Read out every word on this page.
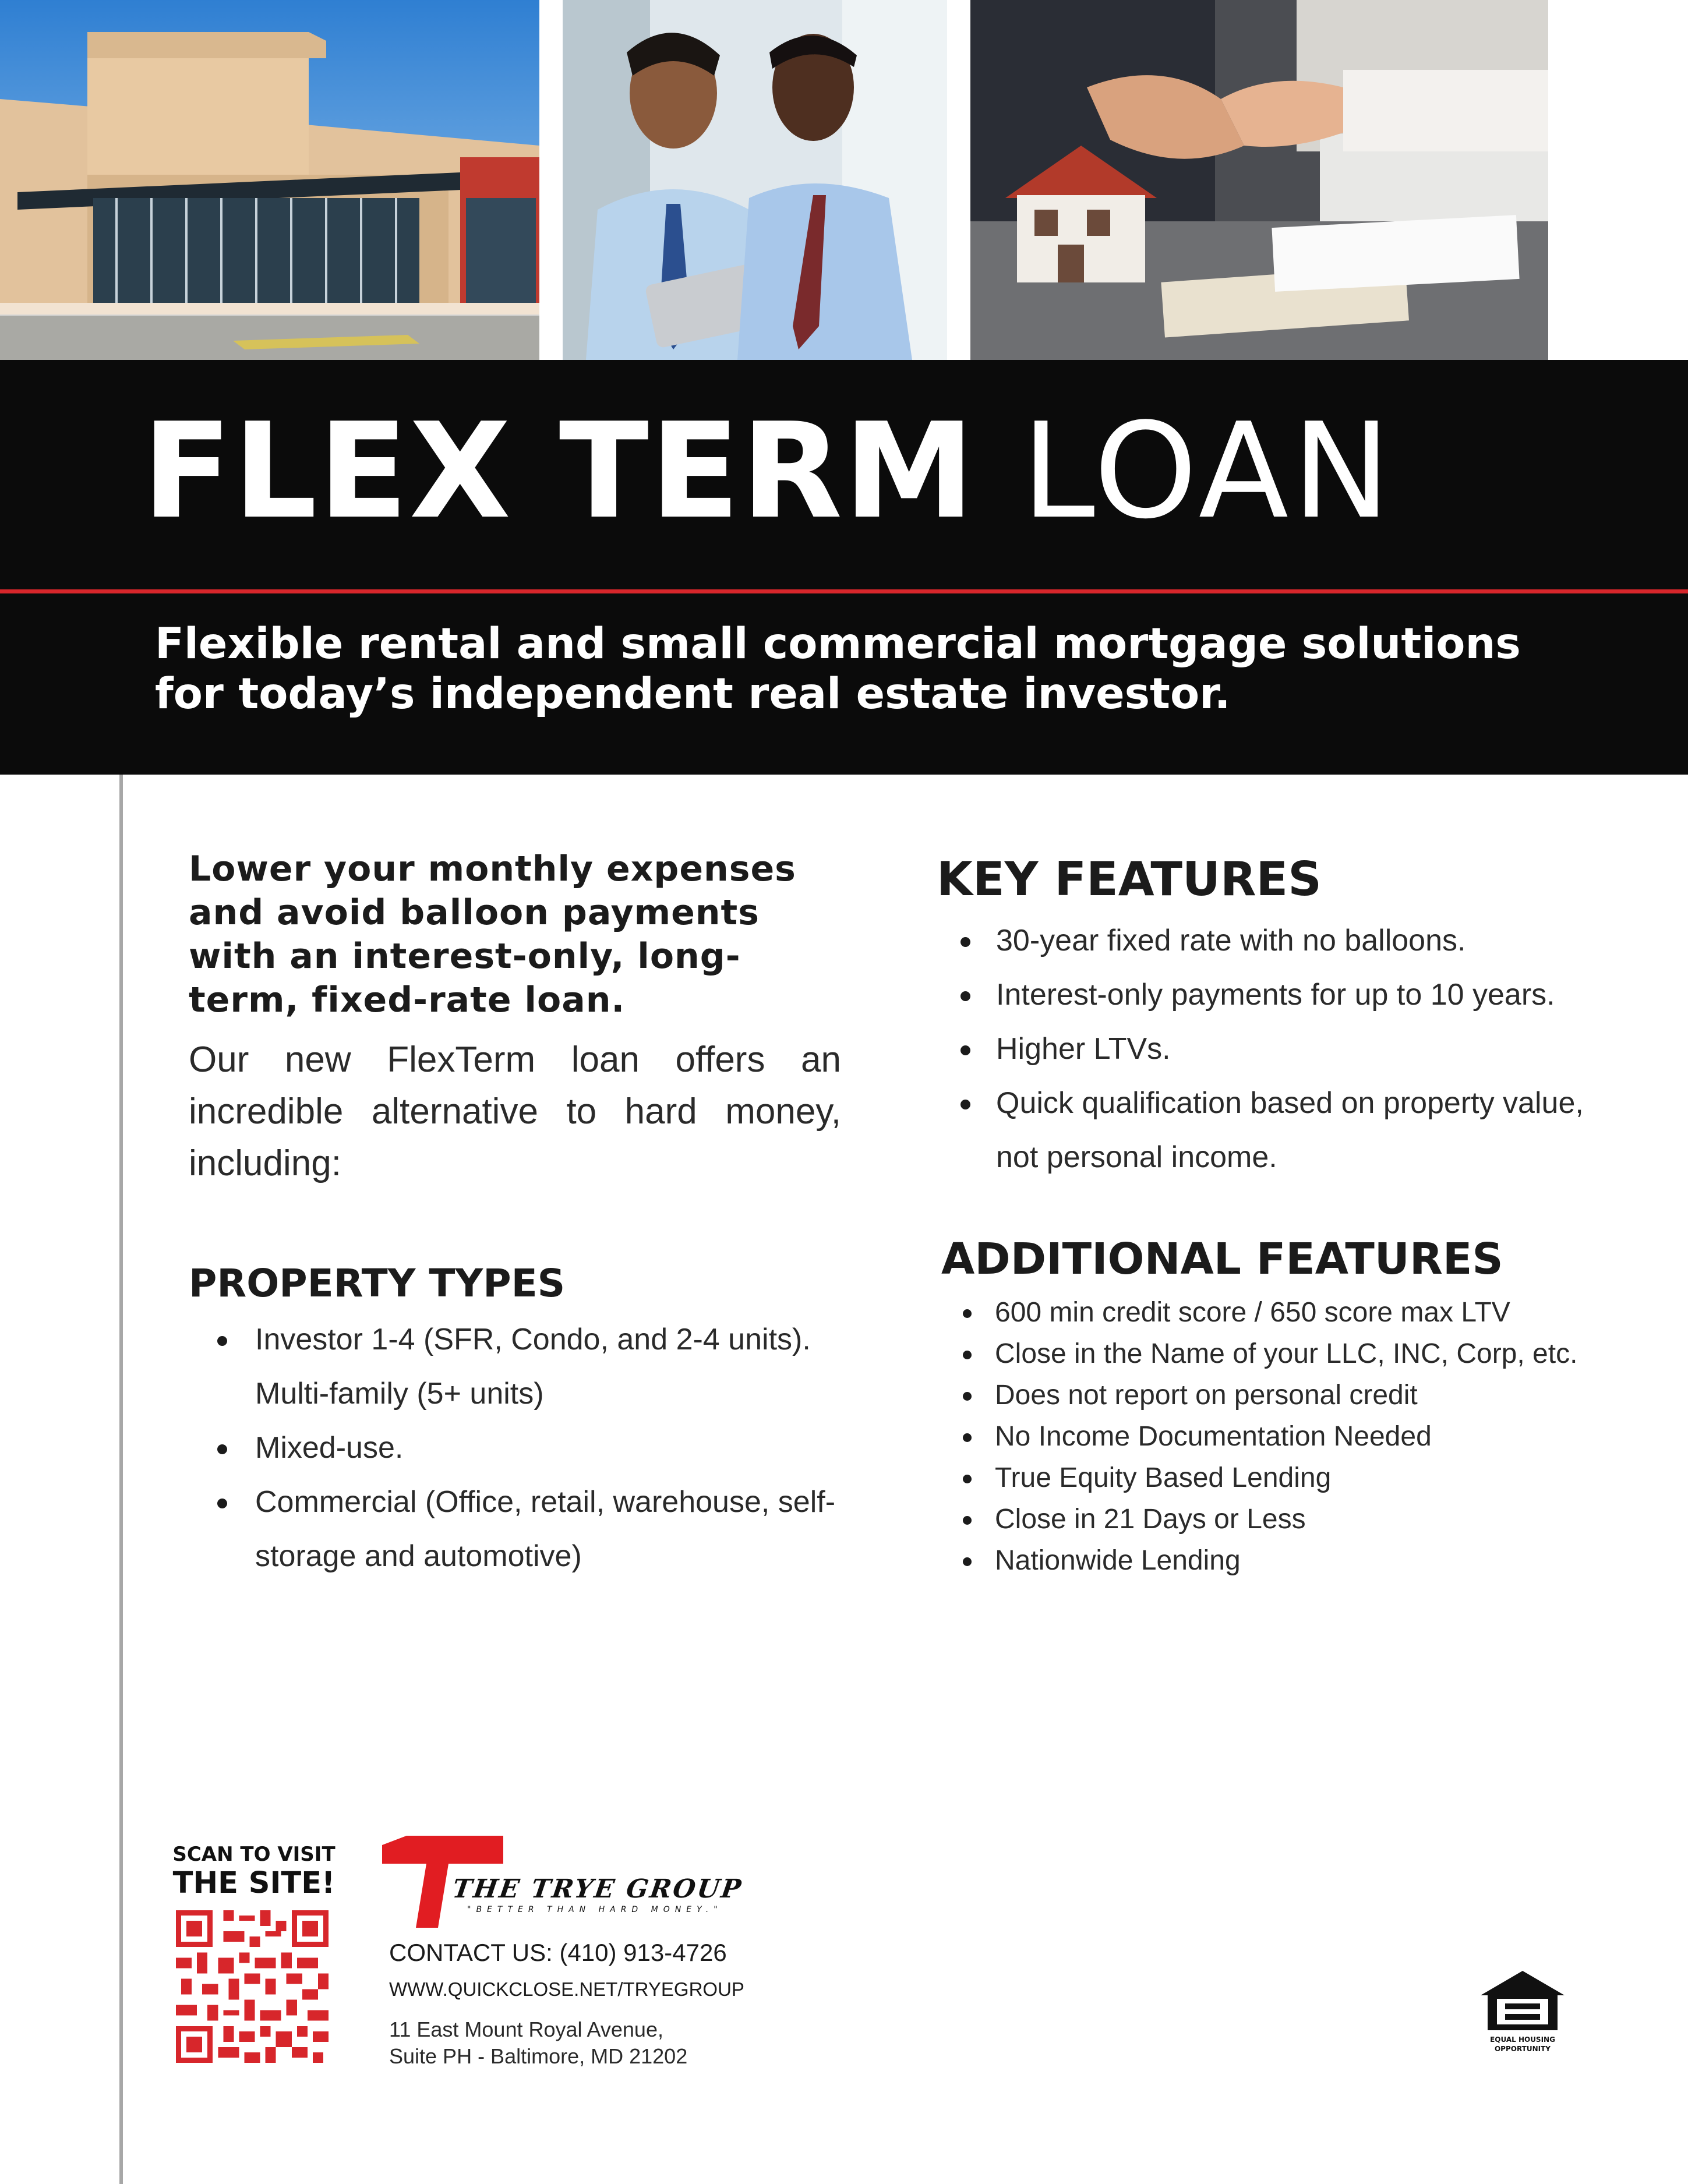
FLEX TERM LOAN
Flexible rental and small commercial mortgage solutions
for today’s independent real estate investor.

Lower your monthly expenses and avoid balloon payments with an interest-only, long-term, fixed-rate loan.

Our new FlexTerm loan offers an incredible alternative to hard money, including:

PROPERTY TYPES
Investor 1-4 (SFR, Condo, and 2-4 units). Multi-family (5+ units)
Mixed-use.
Commercial (Office, retail, warehouse, self-storage and automotive)
KEY FEATURES
30-year fixed rate with no balloons.
Interest-only payments for up to 10 years.
Higher LTVs.
Quick qualification based on property value, not personal income.
ADDITIONAL FEATURES
600 min credit score / 650 score max LTV
Close in the Name of your LLC, INC, Corp, etc.
Does not report on personal credit
No Income Documentation Needed
True Equity Based Lending
Close in 21 Days or Less
Nationwide Lending
SCAN TO VISIT
THE SITE!	THE TRYE GROUP
"BETTER THAN HARD MONEY."
CONTACT US: (410) 913-4726
WWW.QUICKCLOSE.NET/TRYEGROUP
11 East Mount Royal Avenue,
Suite PH - Baltimore, MD 21202
EQUAL HOUSING
OPPORTUNITY
